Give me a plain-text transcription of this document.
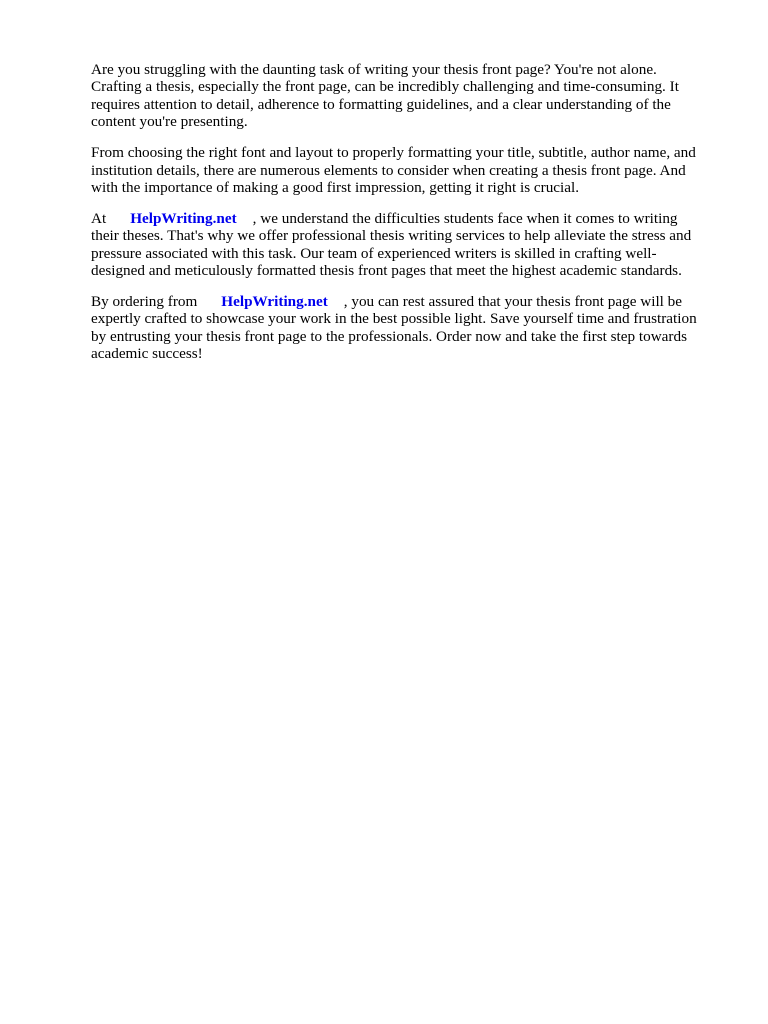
Are you struggling with the daunting task of writing your thesis front page? You're not alone.
Crafting a thesis, especially the front page, can be incredibly challenging and time-consuming. It
requires attention to detail, adherence to formatting guidelines, and a clear understanding of the
content you're presenting.
From choosing the right font and layout to properly formatting your title, subtitle, author name, and
institution details, there are numerous elements to consider when creating a thesis front page. And
with the importance of making a good first impression, getting it right is crucial.
At HelpWriting.net , we understand the difficulties students face when it comes to writing
their theses. That's why we offer professional thesis writing services to help alleviate the stress and
pressure associated with this task. Our team of experienced writers is skilled in crafting well-
designed and meticulously formatted thesis front pages that meet the highest academic standards.
By ordering from HelpWriting.net , you can rest assured that your thesis front page will be
expertly crafted to showcase your work in the best possible light. Save yourself time and frustration
by entrusting your thesis front page to the professionals. Order now and take the first step towards
academic success!
